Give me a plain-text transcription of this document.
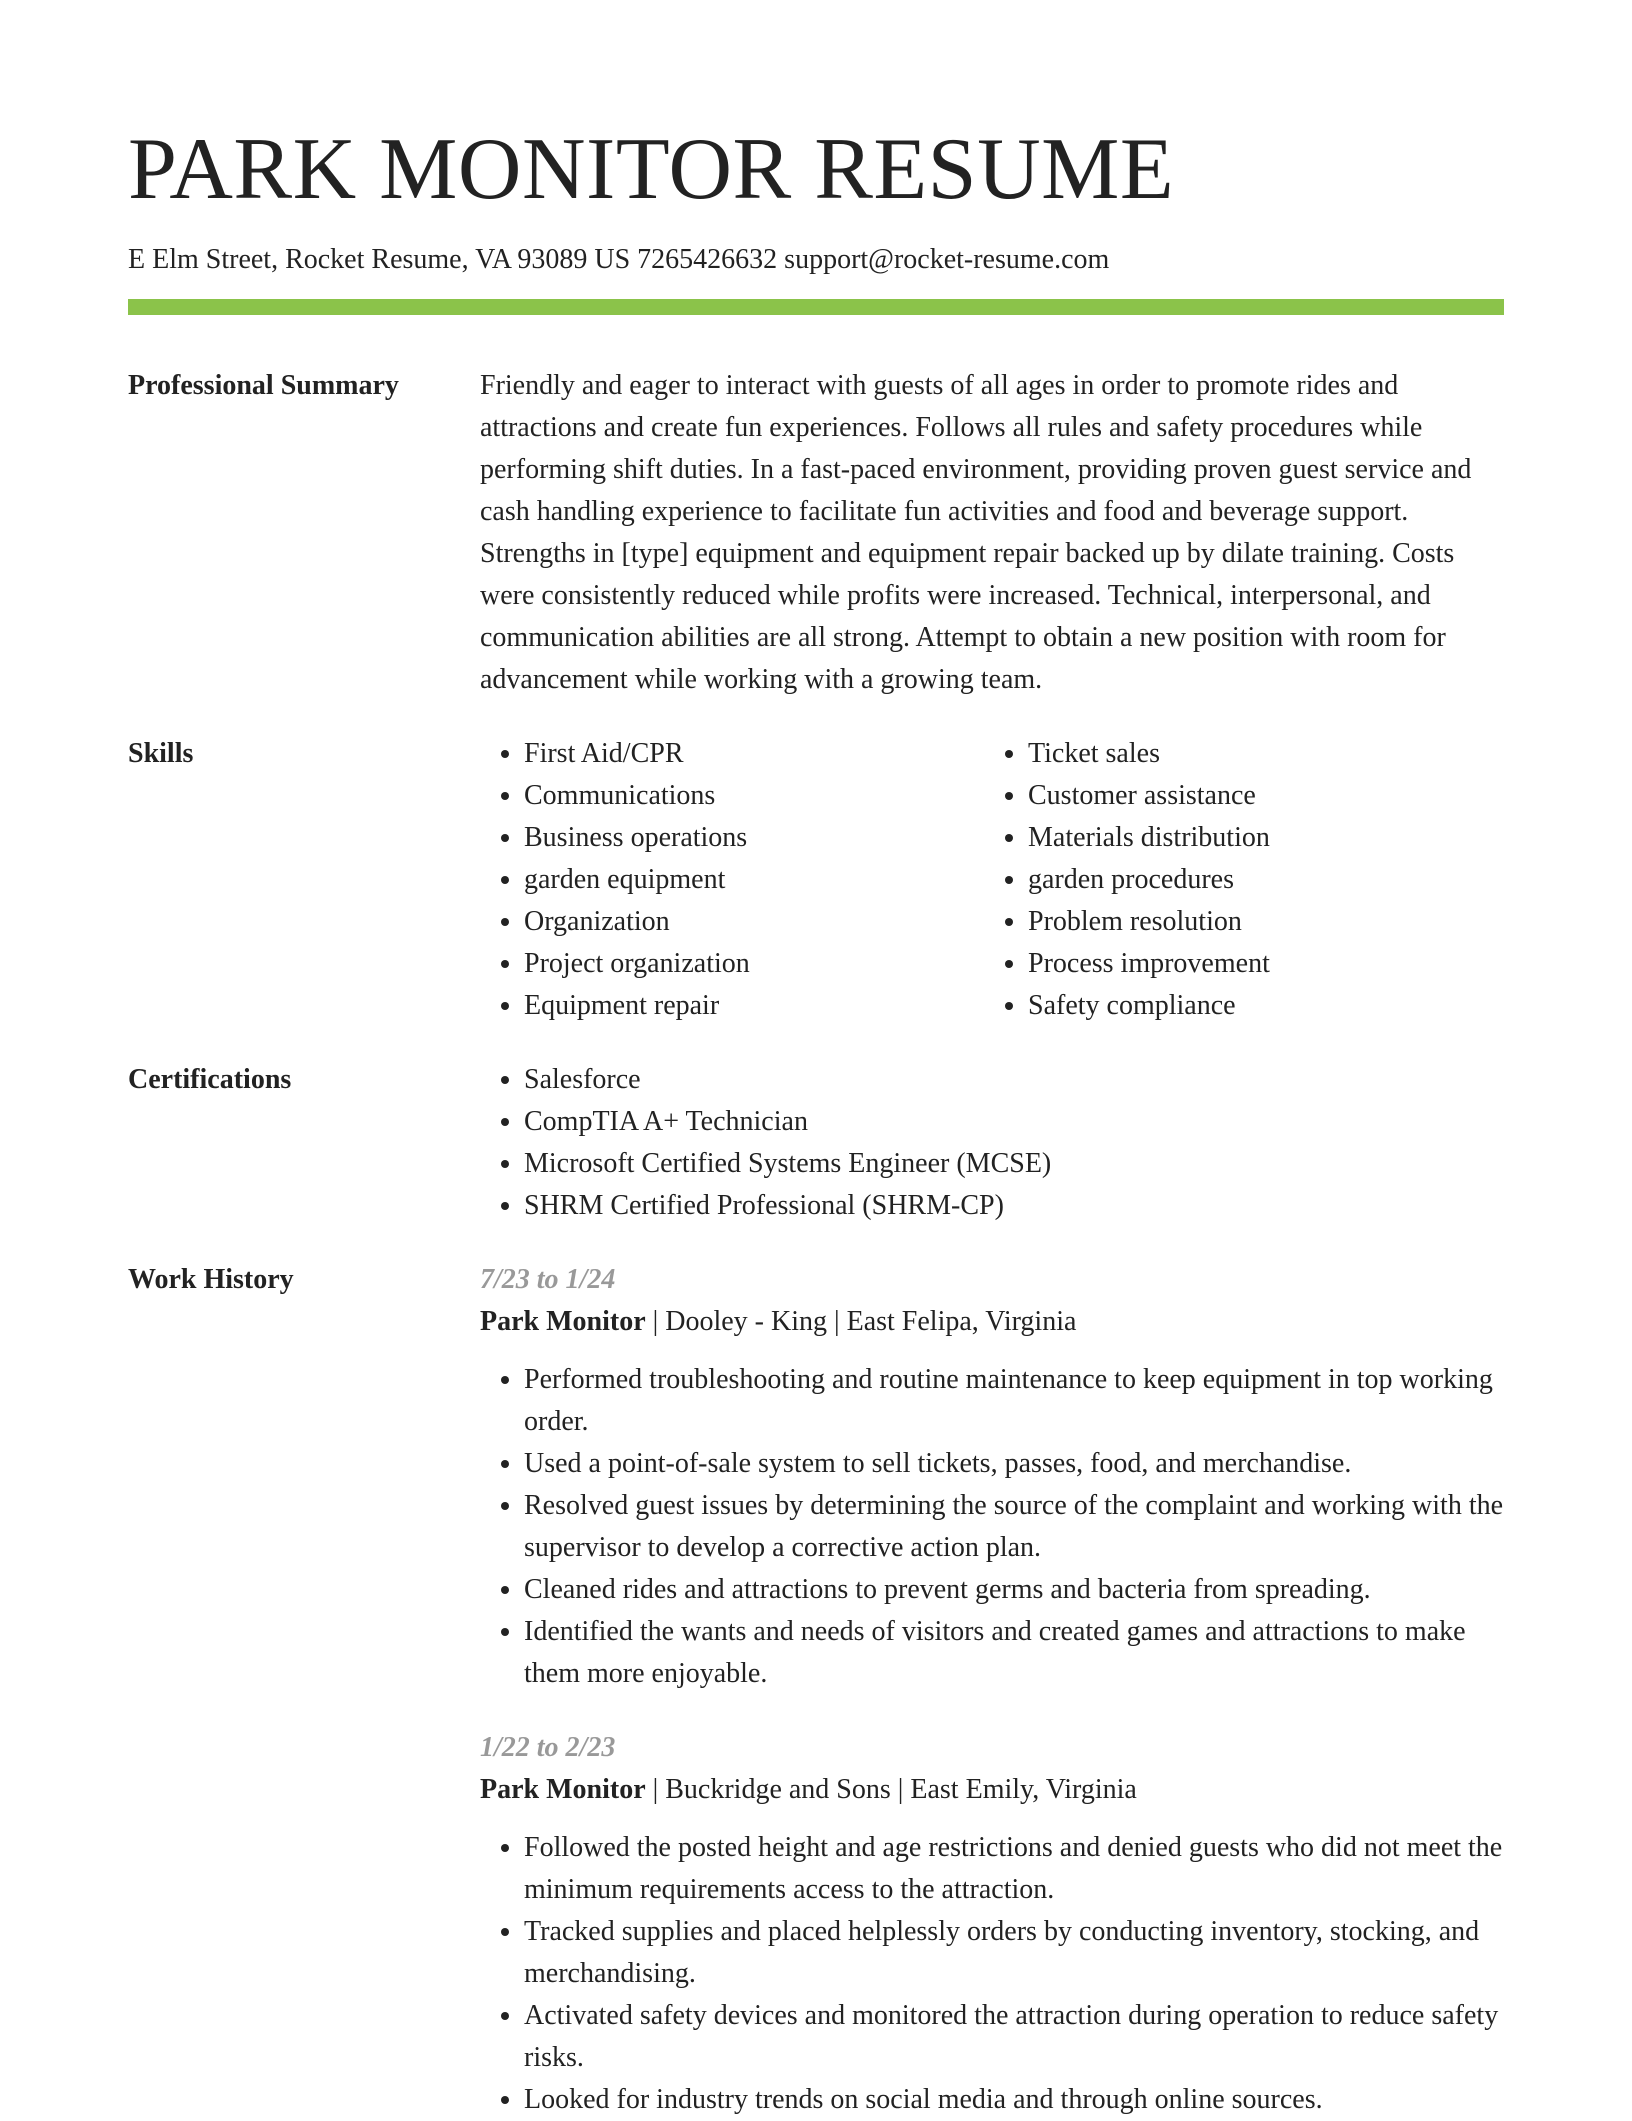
PARK MONITOR RESUME
E Elm Street, Rocket Resume, VA 93089 US 7265426632 support@rocket-resume.com
Professional Summary	Friendly and eager to interact with guests of all ages in order to promote rides and attractions and create fun experiences. Follows all rules and safety procedures while performing shift duties. In a fast-paced environment, providing proven guest service and cash handling experience to facilitate fun activities and food and beverage support. Strengths in [type] equipment and equipment repair backed up by dilate training. Costs were consistently reduced while profits were increased. Technical, interpersonal, and communication abilities are all strong. Attempt to obtain a new position with room for advancement while working with a growing team.
Skills	• First Aid/CPR
• Communications
• Business operations
• garden equipment
• Organization
• Project organization
• Equipment repair
• Ticket sales
• Customer assistance
• Materials distribution
• garden procedures
• Problem resolution
• Process improvement
• Safety compliance
Certifications	• Salesforce
• CompTIA A+ Technician
• Microsoft Certified Systems Engineer (MCSE)
• SHRM Certified Professional (SHRM-CP)
Work History	7/23 to 1/24
Park Monitor | Dooley - King | East Felipa, Virginia
• Performed troubleshooting and routine maintenance to keep equipment in top working order.
• Used a point-of-sale system to sell tickets, passes, food, and merchandise.
• Resolved guest issues by determining the source of the complaint and working with the supervisor to develop a corrective action plan.
• Cleaned rides and attractions to prevent germs and bacteria from spreading.
• Identified the wants and needs of visitors and created games and attractions to make them more enjoyable.
1/22 to 2/23
Park Monitor | Buckridge and Sons | East Emily, Virginia
• Followed the posted height and age restrictions and denied guests who did not meet the minimum requirements access to the attraction.
• Tracked supplies and placed helplessly orders by conducting inventory, stocking, and merchandising.
• Activated safety devices and monitored the attraction during operation to reduce safety risks.
• Looked for industry trends on social media and through online sources.
